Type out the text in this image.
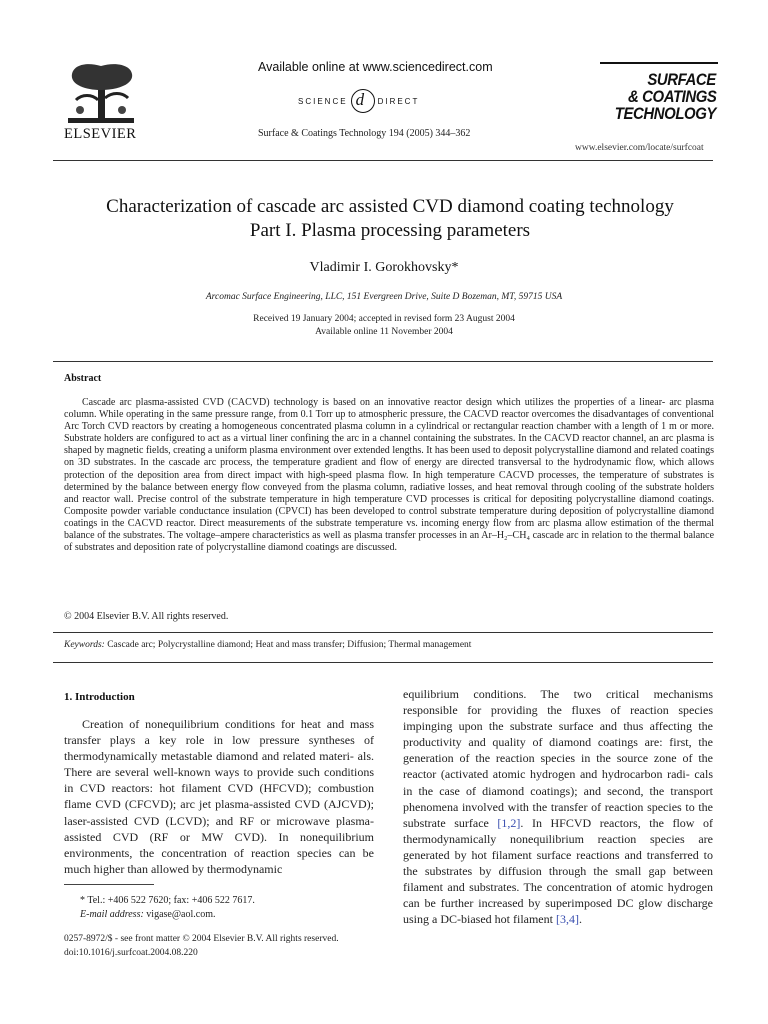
ELSEVIER
Available online at www.sciencedirect.com
SCIENCE d DIRECT
Surface & Coatings Technology 194 (2005) 344–362
SURFACE
& COATINGS
TECHNOLOGY
www.elsevier.com/locate/surfcoat
Characterization of cascade arc assisted CVD diamond coating technology
Part I. Plasma processing parameters
Vladimir I. Gorokhovsky*
Arcomac Surface Engineering, LLC, 151 Evergreen Drive, Suite D Bozeman, MT, 59715 USA
Received 19 January 2004; accepted in revised form 23 August 2004
Available online 11 November 2004
Abstract
Cascade arc plasma-assisted CVD (CACVD) technology is based on an innovative reactor design which utilizes the properties of a linear- arc plasma column. While operating in the same pressure range, from 0.1 Torr up to atmospheric pressure, the CACVD reactor overcomes the disadvantages of conventional Arc Torch CVD reactors by creating a homogeneous concentrated plasma column in a cylindrical or rectangular reaction chamber with a length of 1 m or more. Substrate holders are configured to act as a virtual liner confining the arc in a channel containing the substrates. In the CACVD reactor channel, an arc plasma is shaped by magnetic fields, creating a uniform plasma environment over extended lengths. It has been used to deposit polycrystalline diamond and related coatings on 3D substrates. In the cascade arc process, the temperature gradient and flow of energy are directed transversal to the hydrodynamic flow, which allows protection of the deposition area from direct impact with high-speed plasma flow. In high temperature CACVD processes, the temperature of substrates is determined by the balance between energy flow conveyed from the plasma column, radiative losses, and heat removal through cooling of the substrate holders and reactor wall. Precise control of the substrate temperature in high temperature CVD processes is critical for depositing polycrystalline diamond coatings. Composite powder variable conductance insulation (CPVCI) has been developed to control substrate temperature during deposition of polycrystalline diamond coatings in the CACVD reactor. Direct measurements of the substrate temperature vs. incoming energy flow from arc plasma allow estimation of the thermal balance of the substrates. The voltage–ampere characteristics as well as plasma transfer processes in an Ar–H₂–CH₄ cascade arc in relation to the thermal balance of substrates and deposition rate of polycrystalline diamond coatings are discussed.
© 2004 Elsevier B.V. All rights reserved.
Keywords: Cascade arc; Polycrystalline diamond; Heat and mass transfer; Diffusion; Thermal management
1. Introduction
Creation of nonequilibrium conditions for heat and mass transfer plays a key role in low pressure syntheses of thermodynamically metastable diamond and related materi- als. There are several well-known ways to provide such conditions in CVD reactors: hot filament CVD (HFCVD); combustion flame CVD (CFCVD); arc jet plasma-assisted CVD (AJCVD); laser-assisted CVD (LCVD); and RF or microwave plasma-assisted CVD (RF or MW CVD). In nonequilibrium environments, the concentration of reaction species can be much higher than allowed by thermodynamic
equilibrium conditions. The two critical mechanisms responsible for providing the fluxes of reaction species impinging upon the substrate surface and thus affecting the productivity and quality of diamond coatings are: first, the generation of the reaction species in the source zone of the reactor (activated atomic hydrogen and hydrocarbon radi- cals in the case of diamond coatings); and second, the transport phenomena involved with the transfer of reaction species to the substrate surface [1,2]. In HFCVD reactors, the flow of thermodynamically nonequilibrium reaction species are generated by hot filament surface reactions and transferred to the substrates by diffusion through the small gap between filament and substrates. The concentration of atomic hydrogen can be further increased by superimposed DC glow discharge using a DC-biased hot filament [3,4].
* Tel.: +406 522 7620; fax: +406 522 7617.
E-mail address: vigase@aol.com.
0257-8972/$ - see front matter © 2004 Elsevier B.V. All rights reserved.
doi:10.1016/j.surfcoat.2004.08.220
